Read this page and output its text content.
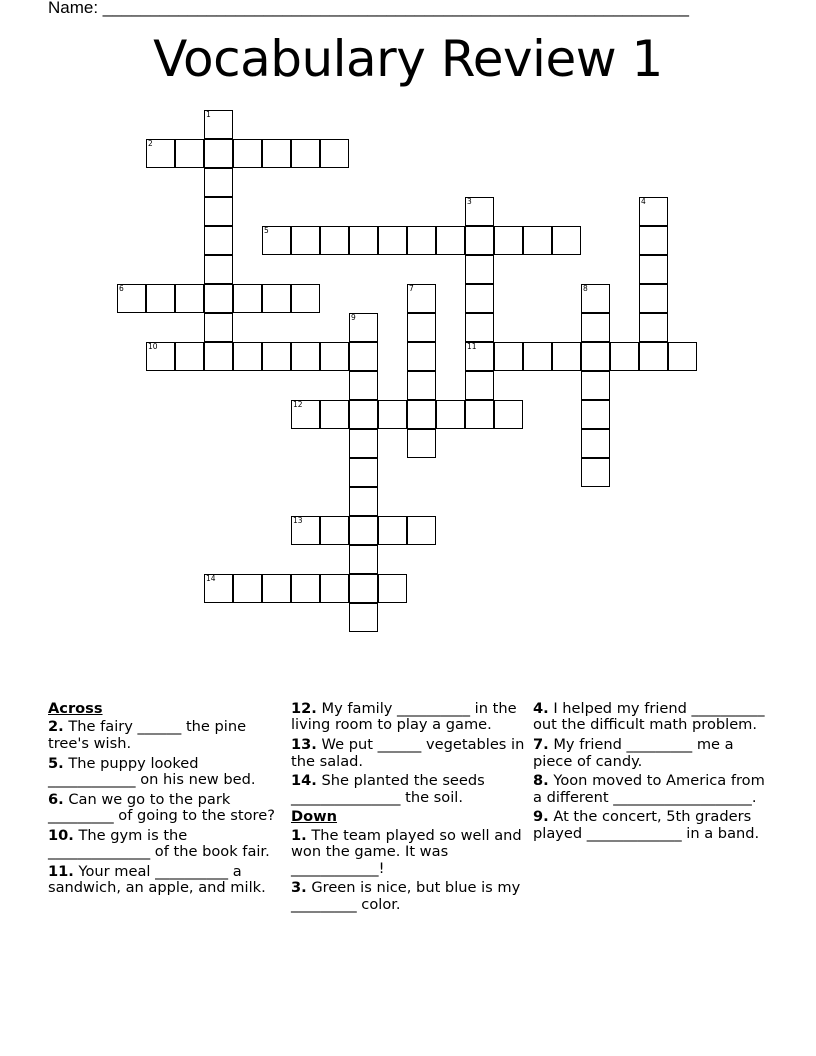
Name: ______________________________________________________________
Vocabulary Review 1
1
2
3	4
5
6	7	8
9
10	11
12
13
14
Across
2. The fairy ______ the pine tree's wish.
5. The puppy looked ____________ on his new bed.
6. Can we go to the park _________ of going to the store?
10. The gym is the ______________ of the book fair.
11. Your meal __________ a sandwich, an apple, and milk.
12. My family __________ in the living room to play a game.
13. We put ______ vegetables in the salad.
14. She planted the seeds _______________ the soil.
Down
1. The team played so well and won the game. It was ____________!
3. Green is nice, but blue is my _________ color.
4. I helped my friend __________ out the difficult math problem.
7. My friend _________ me a piece of candy.
8. Yoon moved to America from a different ___________________.
9. At the concert, 5th graders played _____________ in a band.
